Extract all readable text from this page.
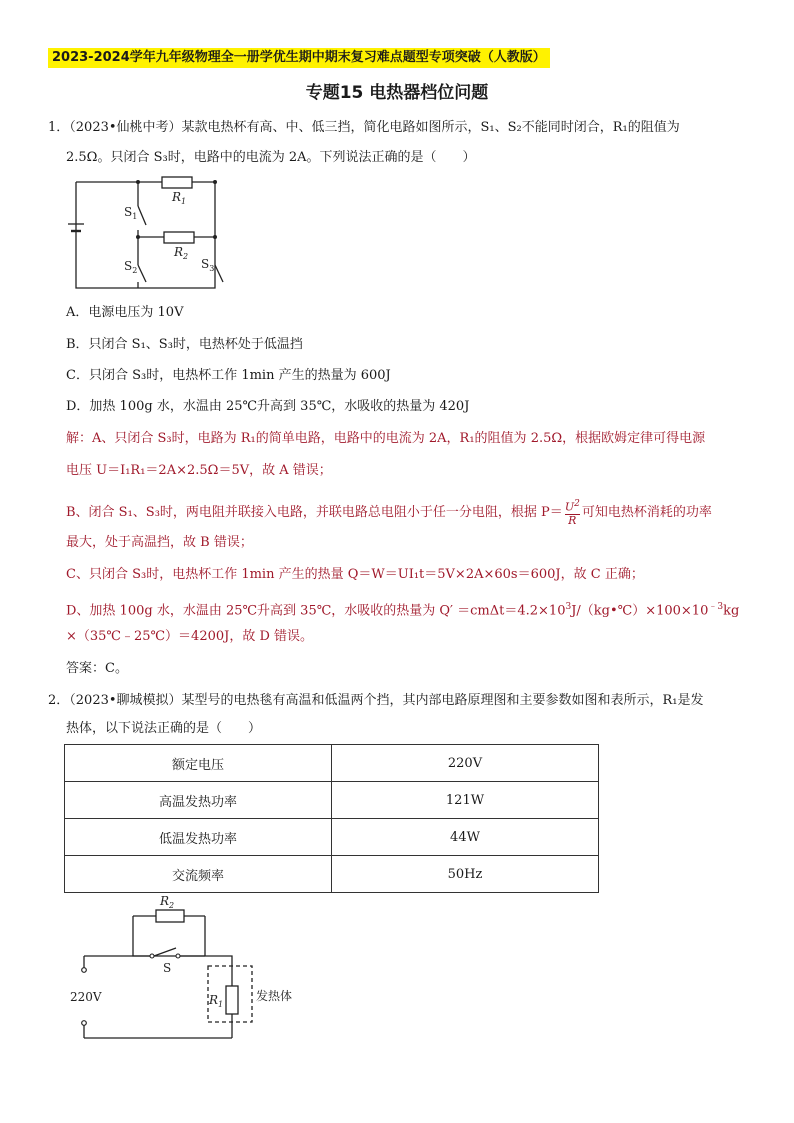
2023-2024学年九年级物理全一册学优生期中期末复习难点题型专项突破（人教版）
专题15 电热器档位问题
1．（2023•仙桃中考）某款电热杯有高、中、低三挡，简化电路如图所示，S₁、S₂不能同时闭合，R₁的阻值为
2.5Ω。只闭合 S₃时，电路中的电流为 2A。下列说法正确的是（　　）
$R_1$
$R_2$
$S_1$
$S_2$	$S_3$
A．电源电压为 10V
B．只闭合 S₁、S₃时，电热杯处于低温挡
C．只闭合 S₃时，电热杯工作 1min 产生的热量为 600J
D．加热 100g 水，水温由 25℃升高到 35℃，水吸收的热量为 420J
解：A、只闭合 S₃时，电路为 R₁的简单电路，电路中的电流为 2A，R₁的阻值为 2.5Ω，根据欧姆定律可得电源
电压 U＝I₁R₁＝2A×2.5Ω＝5V，故 A 错误；
B、闭合 S₁、S₃时，两电阻并联接入电路，并联电路总电阻小于任一分电阻，根据 $P= \frac{U^2}{R}$ 可知电热杯消耗的功率
最大，处于高温挡，故 B 错误；
C、只闭合 S₃时，电热杯工作 1min 产生的热量 Q＝W＝UI₁t＝5V×2A×60s＝600J，故 C 正确；
D、加热 100g 水，水温由 25℃升高到 35℃，水吸收的热量为 $Q' =cm\Delta t=4.2\times 10^3J/(kg•℃)\times 100\times 10^{﹣3}kg$
×（35℃﹣25℃）＝4200J，故 D 错误。
答案：C。
2．（2023•聊城模拟）某型号的电热毯有高温和低温两个挡，其内部电路原理图和主要参数如图和表所示，R₁是发
热体，以下说法正确的是（　　）
额定电压	220V
高温发热功率	121W
低温发热功率	44W
交流频率	50Hz
$R_2$
S
220V	$R_1$
发热体
